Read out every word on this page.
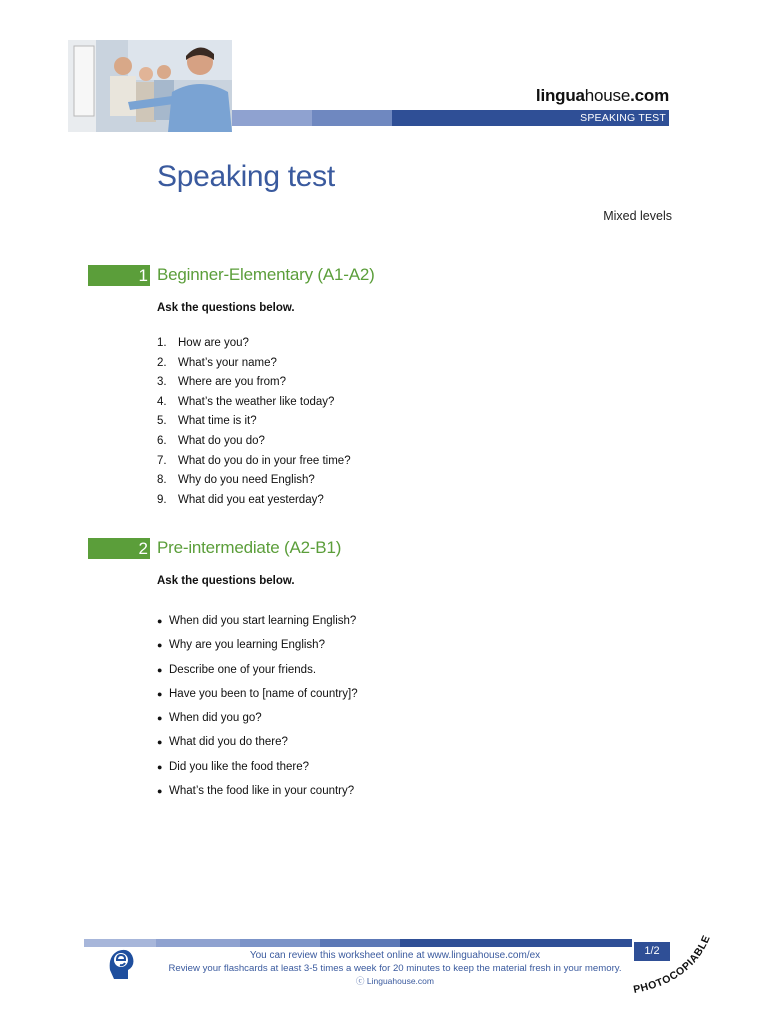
linguahouse.com
SPEAKING TEST
Speaking test
Mixed levels
1 Beginner-Elementary (A1-A2)
Ask the questions below.
1. How are you?
2. What’s your name?
3. Where are you from?
4. What’s the weather like today?
5. What time is it?
6. What do you do?
7. What do you do in your free time?
8. Why do you need English?
9. What did you eat yesterday?
2 Pre-intermediate (A2-B1)
Ask the questions below.
● When did you start learning English?
● Why are you learning English?
● Describe one of your friends.
● Have you been to [name of country]?
● When did you go?
● What did you do there?
● Did you like the food there?
● What’s the food like in your country?
You can review this worksheet online at www.linguahouse.com/ex
Review your flashcards at least 3-5 times a week for 20 minutes to keep the material fresh in your memory.
ⓒ Linguahouse.com
1/2
PHOTOCOPIABLE
